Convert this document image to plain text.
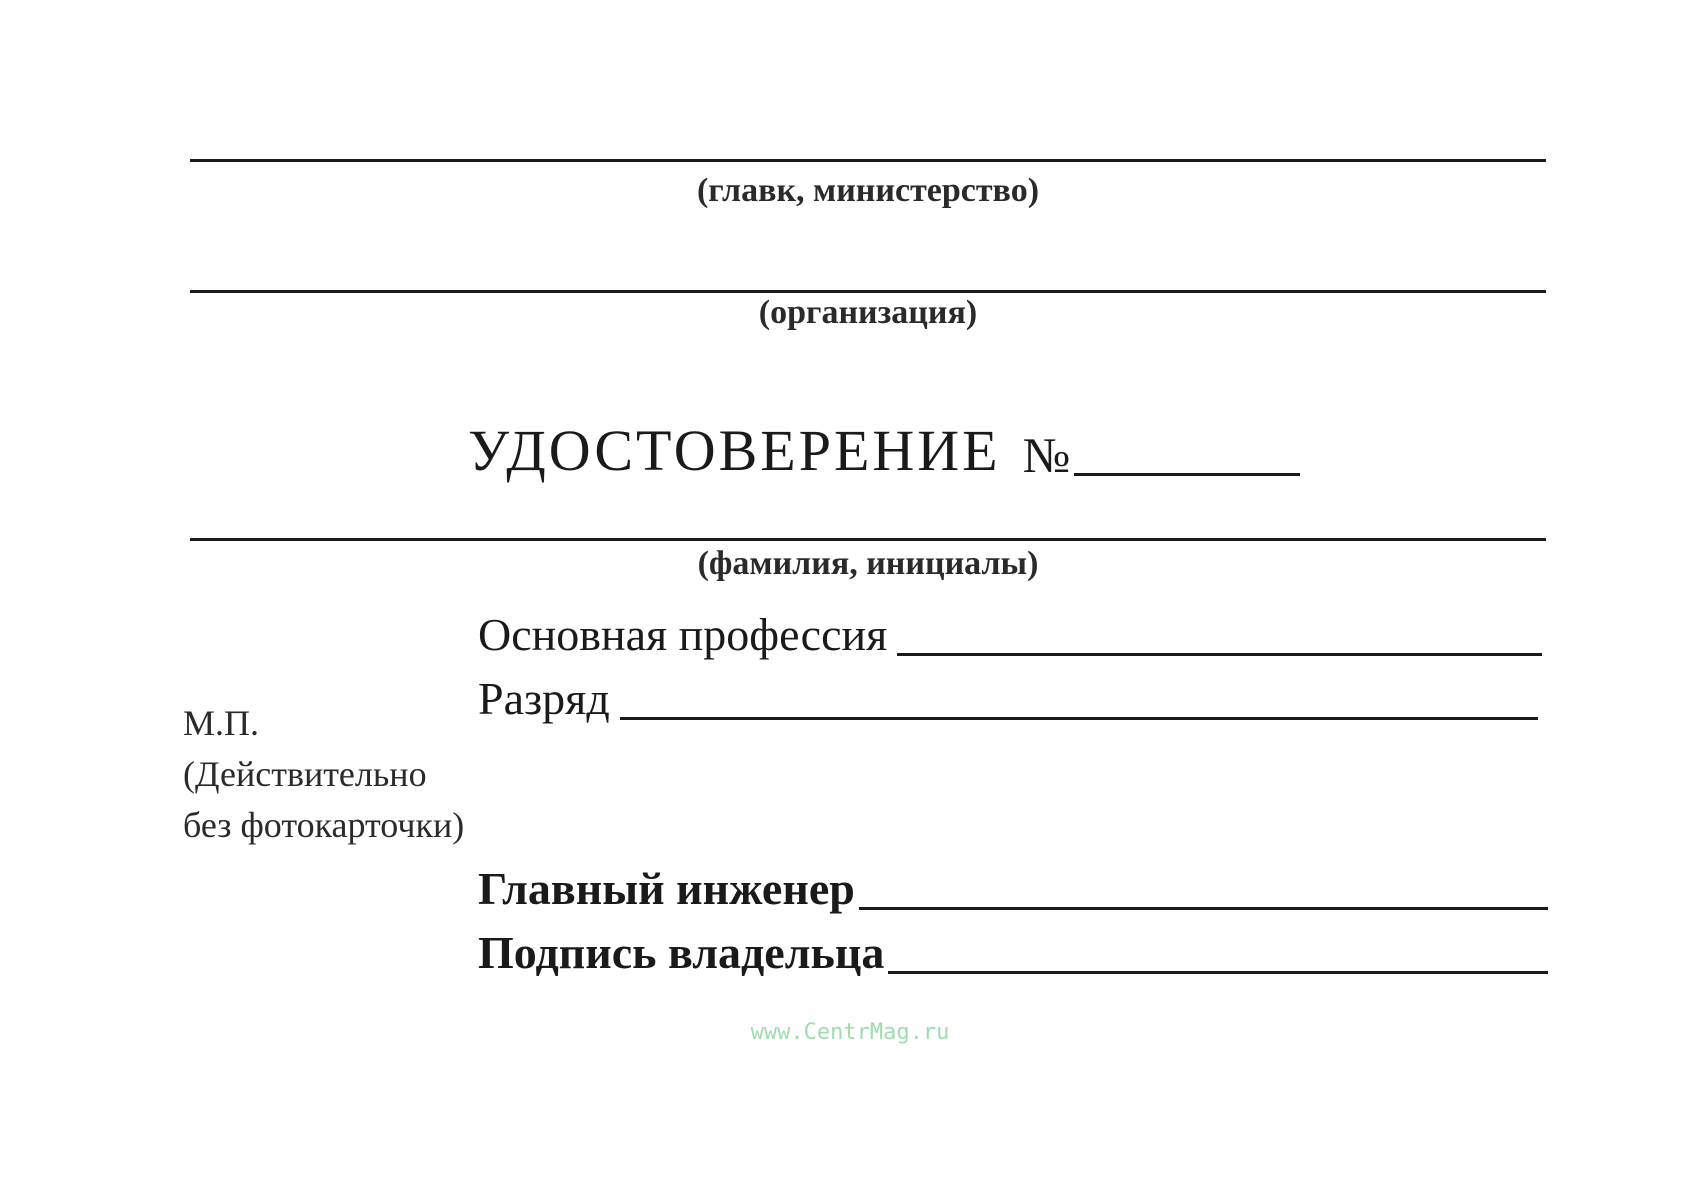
(главк, министерство)
(организация)
УДОСТОВЕРЕНИЕ №
(фамилия, инициалы)
Основная профессия
Разряд
М.П.
(Действительно
без фотокарточки)
Главный инженер
Подпись владельца
www.CentrMag.ru
